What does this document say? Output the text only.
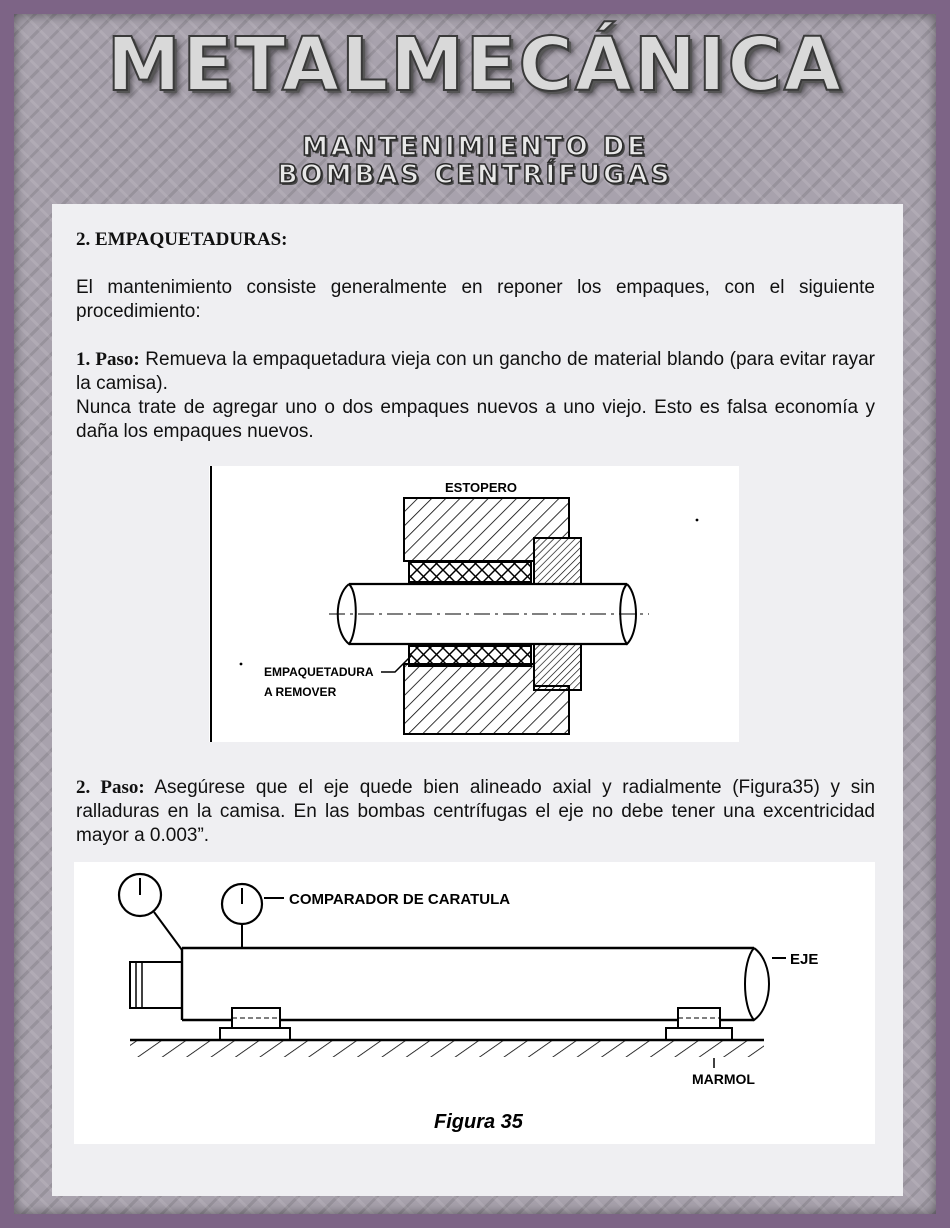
METALMECÁNICA
MANTENIMIENTO DE
BOMBAS CENTRÍFUGAS

2. EMPAQUETADURAS:

El mantenimiento consiste generalmente en reponer los empaques, con el siguiente procedimiento:

1. Paso: Remueva la empaquetadura vieja con un gancho de material blando (para evitar rayar la camisa).

Nunca trate de agregar uno o dos empaques nuevos a uno viejo. Esto es falsa economía y daña los empaques nuevos.

ESTOPERO
EMPAQUETADURA
A REMOVER

2. Paso: Asegúrese que el eje quede bien alineado axial y radialmente (Figura35) y sin ralladuras en la camisa. En las bombas centrífugas el eje no debe tener una excentricidad mayor a 0.003”.

COMPARADOR DE CARATULA
EJE
MARMOL
Figura 35
